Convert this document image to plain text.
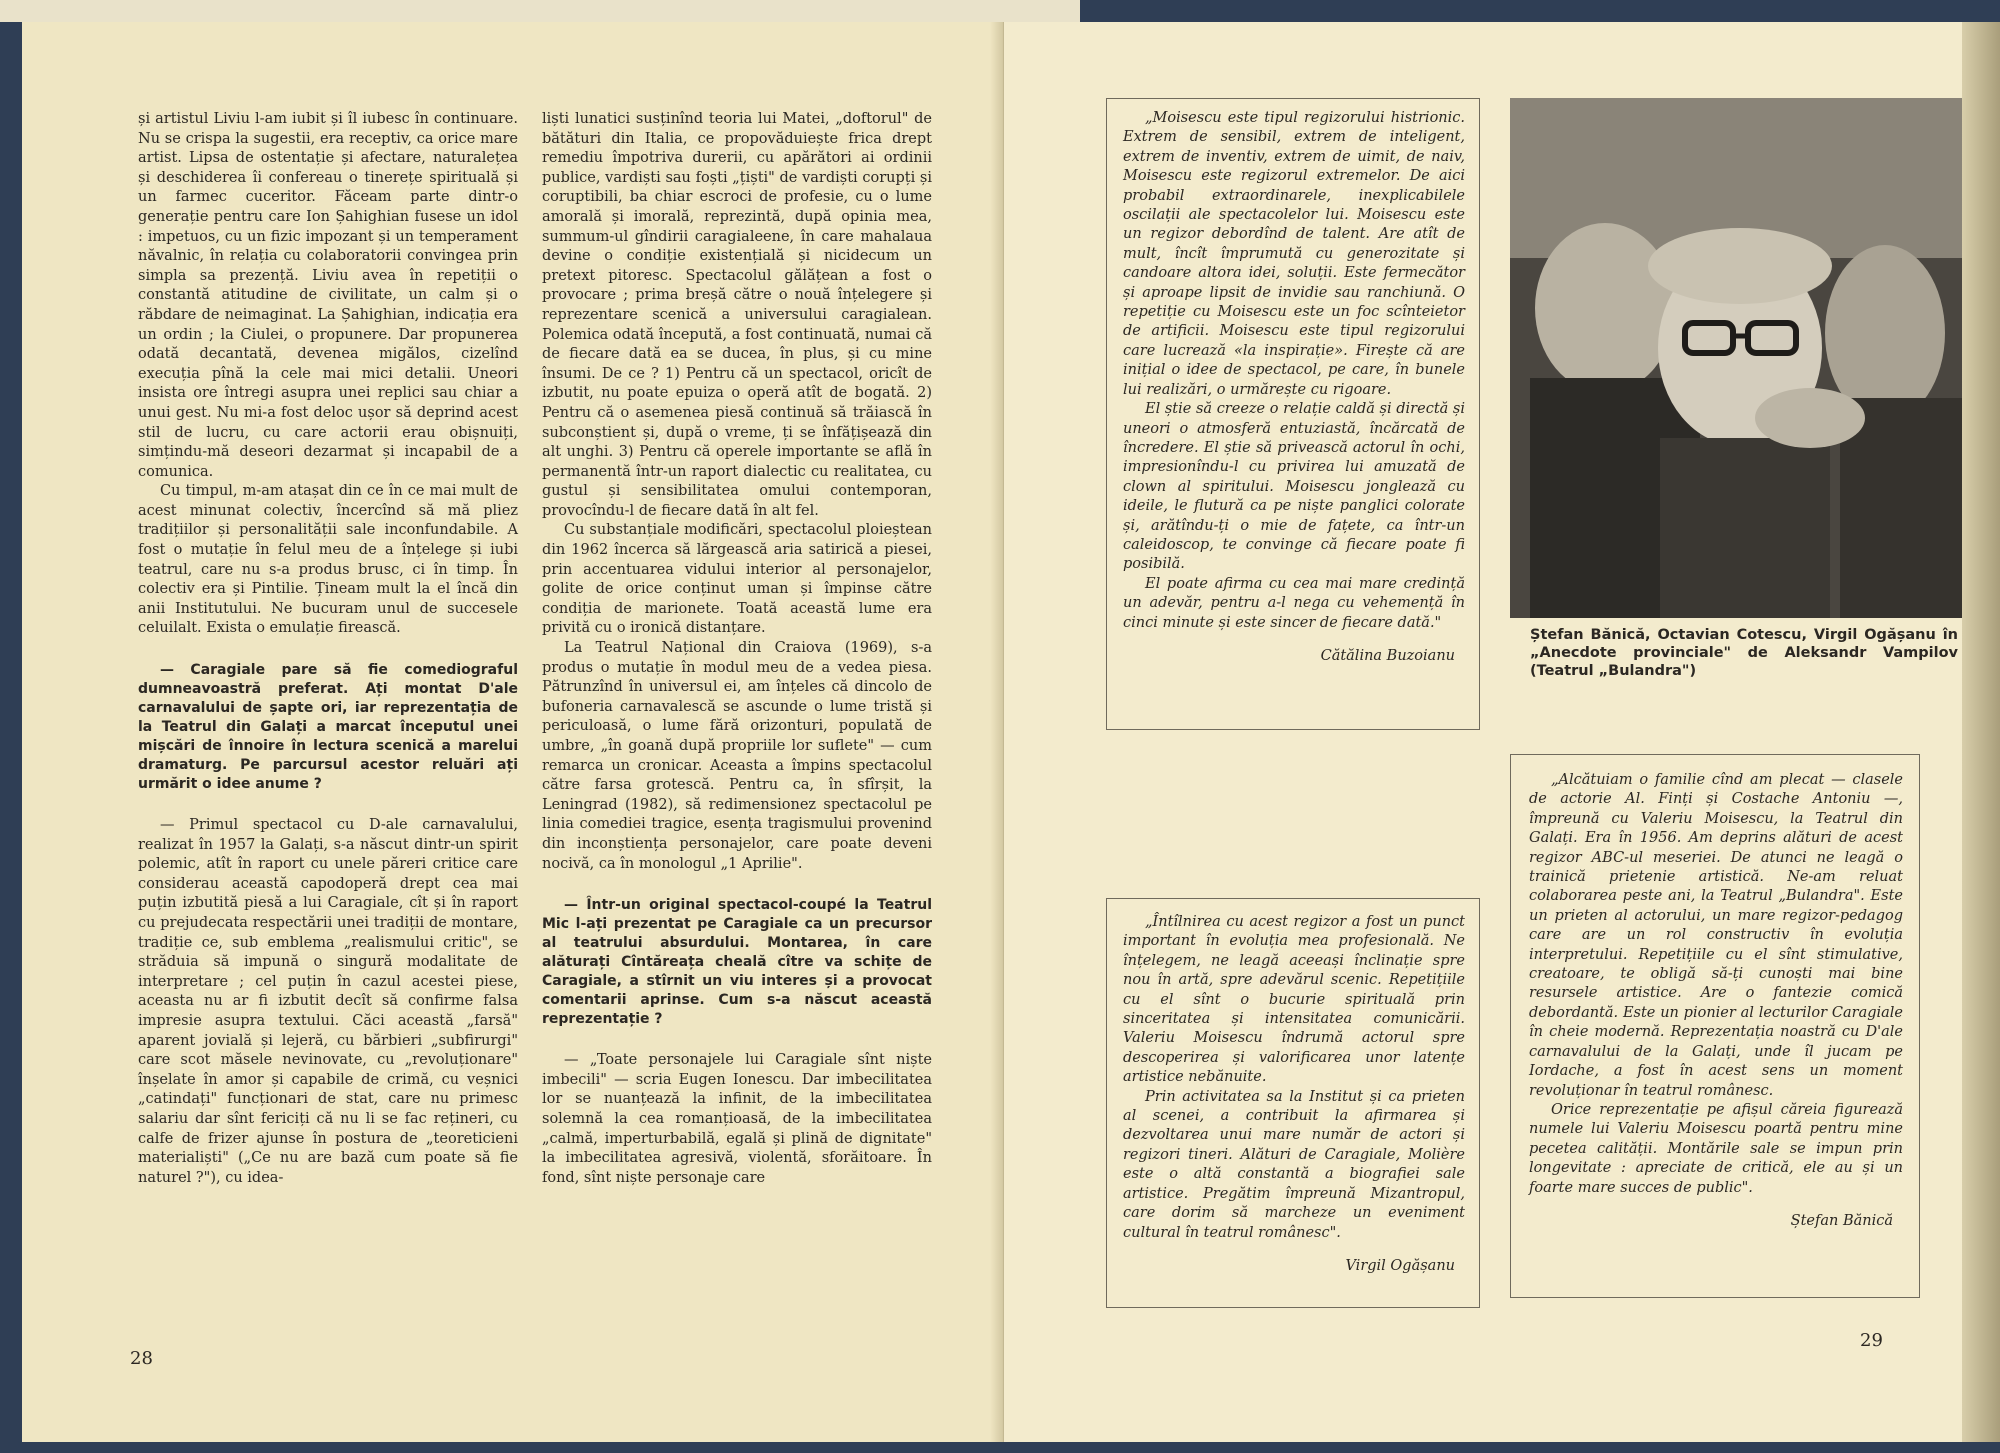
și artistul Liviu l-am iubit și îl iubesc în continuare. Nu se crispa la sugestii, era receptiv, ca orice mare artist. Lipsa de ostentație și afectare, naturalețea și deschiderea îi confereau o tinerețe spirituală și un farmec cuceritor. Făceam parte dintr-o generație pentru care Ion Șahighian fusese un idol : impetuos, cu un fizic impozant și un temperament năvalnic, în relația cu colaboratorii convingea prin simpla sa prezență. Liviu avea în repetiții o constantă atitudine de civilitate, un calm și o răbdare de neimaginat. La Șahighian, indicația era un ordin ; la Ciulei, o propunere. Dar propunerea odată decantată, devenea migălos, cizelînd execuția pînă la cele mai mici detalii. Uneori insista ore întregi asupra unei replici sau chiar a unui gest. Nu mi-a fost deloc ușor să deprind acest stil de lucru, cu care actorii erau obișnuiți, simțindu-mă deseori dezarmat și incapabil de a comunica.

Cu timpul, m-am atașat din ce în ce mai mult de acest minunat colectiv, încercînd să mă pliez tradițiilor și personalității sale inconfundabile. A fost o mutație în felul meu de a înțelege și iubi teatrul, care nu s-a produs brusc, ci în timp. În colectiv era și Pintilie. Țineam mult la el încă din anii Institutului. Ne bucuram unul de succesele celuilalt. Exista o emulație firească.

— Caragiale pare să fie comediograful dumneavoastră preferat. Ați montat D'ale carnavalului de șapte ori, iar reprezentația de la Teatrul din Galați a marcat începutul unei mișcări de înnoire în lectura scenică a marelui dramaturg. Pe parcursul acestor reluări ați urmărit o idee anume ?

— Primul spectacol cu D-ale carnavalului, realizat în 1957 la Galați, s-a născut dintr-un spirit polemic, atît în raport cu unele păreri critice care considerau această capodoperă drept cea mai puțin izbutită piesă a lui Caragiale, cît și în raport cu prejudecata respectării unei tradiții de montare, tradiție ce, sub emblema „realismului critic", se străduia să impună o singură modalitate de interpretare ; cel puțin în cazul acestei piese, aceasta nu ar fi izbutit decît să confirme falsa impresie asupra textului. Căci această „farsă" aparent jovială și lejeră, cu bărbieri „subfirurgi" care scot măsele nevinovate, cu „revoluționare" înșelate în amor și capabile de crimă, cu veșnici „catindați" funcționari de stat, care nu primesc salariu dar sînt fericiți că nu li se fac rețineri, cu calfe de frizer ajunse în postura de „teoreticieni materialiști" („Ce nu are bază cum poate să fie naturel ?"), cu idea-

liști lunatici susținînd teoria lui Matei, „doftorul" de bătături din Italia, ce propovăduiește frica drept remediu împotriva durerii, cu apărători ai ordinii publice, vardiști sau foști „țiști" de vardiști corupți și coruptibili, ba chiar escroci de profesie, cu o lume amorală și imorală, reprezintă, după opinia mea, summum-ul gîndirii caragialeene, în care mahalaua devine o condiție existențială și nicidecum un pretext pitoresc. Spectacolul gălățean a fost o provocare ; prima breșă către o nouă înțelegere și reprezentare scenică a universului caragialean. Polemica odată începută, a fost continuată, numai că de fiecare dată ea se ducea, în plus, și cu mine însumi. De ce ? 1) Pentru că un spectacol, oricît de izbutit, nu poate epuiza o operă atît de bogată. 2) Pentru că o asemenea piesă continuă să trăiască în subconștient și, după o vreme, ți se înfățișează din alt unghi. 3) Pentru că operele importante se află în permanentă într-un raport dialectic cu realitatea, cu gustul și sensibilitatea omului contemporan, provocîndu-l de fiecare dată în alt fel.

Cu substanțiale modificări, spectacolul ploieștean din 1962 încerca să lărgească aria satirică a piesei, prin accentuarea vidului interior al personajelor, golite de orice conținut uman și împinse către condiția de marionete. Toată această lume era privită cu o ironică distanțare.

La Teatrul Național din Craiova (1969), s-a produs o mutație în modul meu de a vedea piesa. Pătrunzînd în universul ei, am înțeles că dincolo de bufoneria carnavalescă se ascunde o lume tristă și periculoasă, o lume fără orizonturi, populată de umbre, „în goană după propriile lor suflete" — cum remarca un cronicar. Aceasta a împins spectacolul către farsa grotescă. Pentru ca, în sfîrșit, la Leningrad (1982), să redimensionez spectacolul pe linia comediei tragice, esența tragismului provenind din inconștiența personajelor, care poate deveni nocivă, ca în monologul „1 Aprilie".

— Într-un original spectacol-coupé la Teatrul Mic l-ați prezentat pe Caragiale ca un precursor al teatrului absurdului. Montarea, în care alăturați Cîntăreața cheală cître va schițe de Caragiale, a stîrnit un viu interes și a provocat comentarii aprinse. Cum s-a născut această reprezentație ?

— „Toate personajele lui Caragiale sînt niște imbecili" — scria Eugen Ionescu. Dar imbecilitatea lor se nuanțează la infinit, de la imbecilitatea solemnă la cea romanțioasă, de la imbecilitatea „calmă, imperturbabilă, egală și plină de dignitate" la imbecilitatea agresivă, violentă, sforăitoare. În fond, sînt niște personaje care

28
29

„Moisescu este tipul regizorului histrionic. Extrem de sensibil, extrem de inteligent, extrem de inventiv, extrem de uimit, de naiv, Moisescu este regizorul extremelor. De aici probabil extraordinarele, inexplicabilele oscilații ale spectacolelor lui. Moisescu este un regizor debordînd de talent. Are atît de mult, încît împrumută cu generozitate și candoare altora idei, soluții. Este fermecător și aproape lipsit de invidie sau ranchiună. O repetiție cu Moisescu este un foc scînteietor de artificii. Moisescu este tipul regizorului care lucrează «la inspirație». Firește că are inițial o idee de spectacol, pe care, în bunele lui realizări, o urmărește cu rigoare.

El știe să creeze o relație caldă și directă și uneori o atmosferă entuziastă, încărcată de încredere. El știe să privească actorul în ochi, impresionîndu-l cu privirea lui amuzată de clown al spiritului. Moisescu jonglează cu ideile, le flutură ca pe niște panglici colorate și, arătîndu-ți o mie de fațete, ca într-un caleidoscop, te convinge că fiecare poate fi posibilă.

El poate afirma cu cea mai mare credință un adevăr, pentru a-l nega cu vehemență în cinci minute și este sincer de fiecare dată."

Cătălina Buzoianu
Ștefan Bănică, Octavian Cotescu, Virgil Ogășanu în „Anecdote provinciale" de Aleksandr Vampilov (Teatrul „Bulandra")

„Întîlnirea cu acest regizor a fost un punct important în evoluția mea profesională. Ne înțelegem, ne leagă aceeași înclinație spre nou în artă, spre adevărul scenic. Repetițiile cu el sînt o bucurie spirituală prin sinceritatea și intensitatea comunicării. Valeriu Moisescu îndrumă actorul spre descoperirea și valorificarea unor latențe artistice nebănuite.

Prin activitatea sa la Institut și ca prieten al scenei, a contribuit la afirmarea și dezvoltarea unui mare număr de actori și regizori tineri. Alături de Caragiale, Molière este o altă constantă a biografiei sale artistice. Pregătim împreună Mizantropul, care dorim să marcheze un eveniment cultural în teatrul românesc".

Virgil Ogășanu

„Alcătuiam o familie cînd am plecat — clasele de actorie Al. Finți și Costache Antoniu —, împreună cu Valeriu Moisescu, la Teatrul din Galați. Era în 1956. Am deprins alături de acest regizor ABC-ul meseriei. De atunci ne leagă o trainică prietenie artistică. Ne-am reluat colaborarea peste ani, la Teatrul „Bulandra". Este un prieten al actorului, un mare regizor-pedagog care are un rol constructiv în evoluția interpretului. Repetițiile cu el sînt stimulative, creatoare, te obligă să-ți cunoști mai bine resursele artistice. Are o fantezie comică debordantă. Este un pionier al lecturilor Caragiale în cheie modernă. Reprezentația noastră cu D'ale carnavalului de la Galați, unde îl jucam pe Iordache, a fost în acest sens un moment revoluționar în teatrul românesc.

Orice reprezentație pe afișul căreia figurează numele lui Valeriu Moisescu poartă pentru mine pecetea calității. Montările sale se impun prin longevitate : apreciate de critică, ele au și un foarte mare succes de public".

Ștefan Bănică
